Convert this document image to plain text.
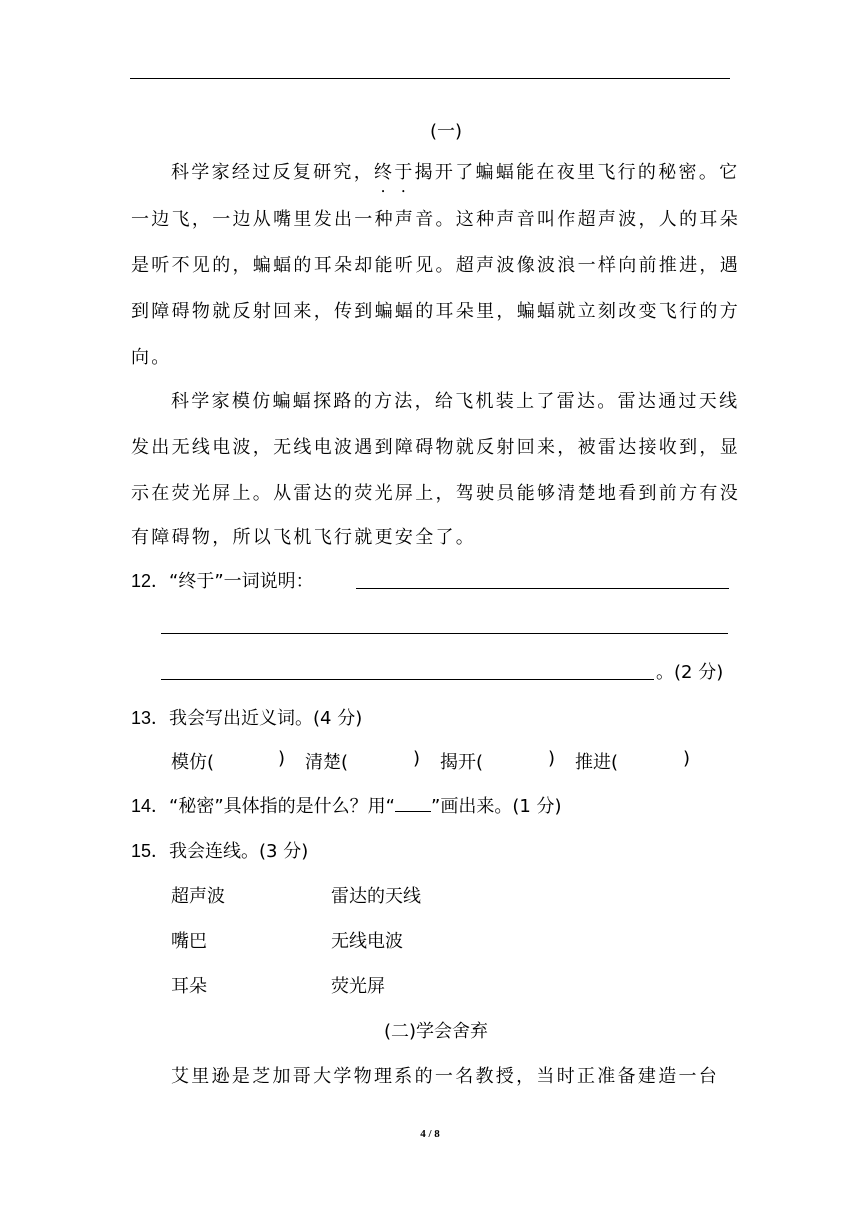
(一)
科学家经过反复研究，终于揭开了蝙蝠能在夜里飞行的秘密。它
一边飞，一边从嘴里发出一种声音。这种声音叫作超声波，人的耳朵
是听不见的，蝙蝠的耳朵却能听见。超声波像波浪一样向前推进，遇
到障碍物就反射回来，传到蝙蝠的耳朵里，蝙蝠就立刻改变飞行的方
向。
科学家模仿蝙蝠探路的方法，给飞机装上了雷达。雷达通过天线
发出无线电波，无线电波遇到障碍物就反射回来，被雷达接收到，显
示在荧光屏上。从雷达的荧光屏上，驾驶员能够清楚地看到前方有没
有障碍物，所以飞机飞行就更安全了。
12．“终于”一词说明：
。(2 分)
13．我会写出近义词。(4 分)
模仿(	) 清楚(	) 揭开(	) 推进(	)
14．“秘密”具体指的是什么？用“ ”画出来。(1 分)
15．我会连线。(3 分)
超声波	雷达的天线
嘴巴	无线电波
耳朵	荧光屏
(二)学会舍弃
艾里逊是芝加哥大学物理系的一名教授，当时正准备建造一台
4 / 8
